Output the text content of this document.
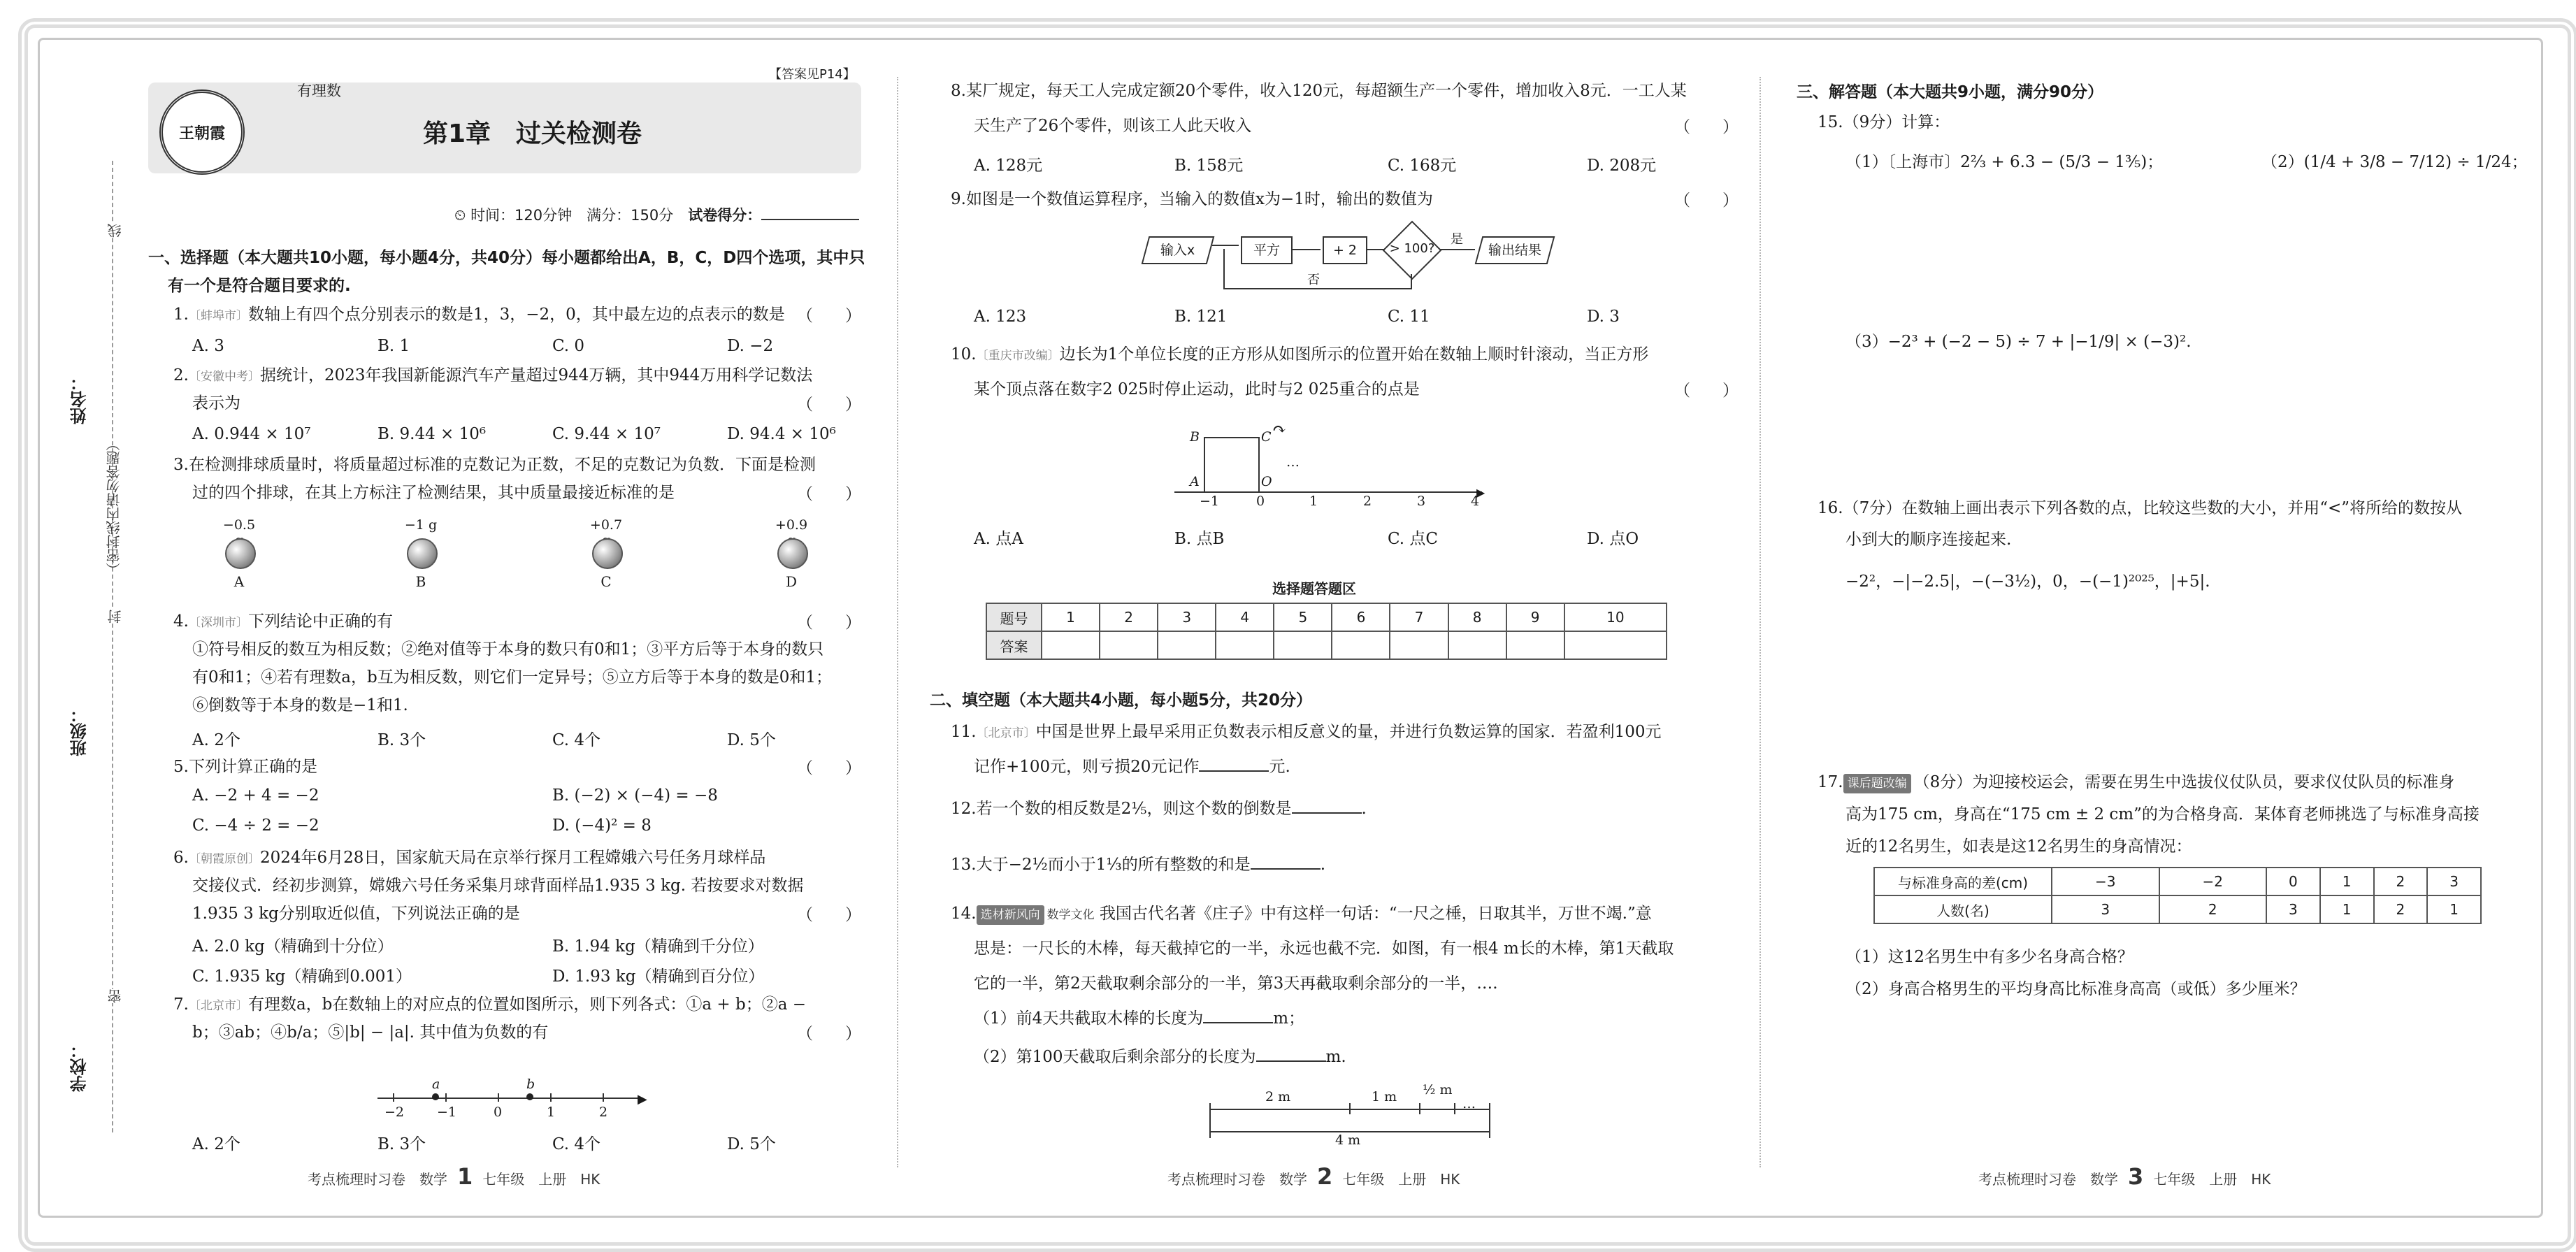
姓名：
班级：
学校：
（密封线内请勿答题）
线
封
密
【答案见P14】
王朝霞
有理数
第1章　过关检测卷
⏲ 时间：120分钟　 满分：150分　 试卷得分：
一、选择题（本大题共10小题，每小题4分，共40分）每小题都给出A，B，C，D四个选项，其中只
有一个是符合题目要求的.
1.〔蚌埠市〕数轴上有四个点分别表示的数是1，3，−2，0，其中最左边的点表示的数是 （　　）
A. 3	B. 1	C. 0	D. −2
2.〔安徽中考〕据统计，2023年我国新能源汽车产量超过944万辆，其中944万用科学记数法
表示为	（　　）
A. 0.944 × 10⁷	B. 9.44 × 10⁶	C. 9.44 × 10⁷	D. 94.4 × 10⁶
3.在检测排球质量时，将质量超过标准的克数记为正数，不足的克数记为负数．下面是检测
过的四个排球，在其上方标注了检测结果，其中质量最接近标准的是	（　　）
−0.5
A
−1 g
B
+0.7
C
+0.9
D
4.〔深圳市〕下列结论中正确的有
①符号相反的数互为相反数；②绝对值等于本身的数只有0和1；③平方后等于本身的数只
有0和1；④若有理数a，b互为相反数，则它们一定异号；⑤立方后等于本身的数是0和1；
⑥倒数等于本身的数是−1和1.
（　　）
A. 2个	B. 3个	C. 4个	D. 5个
5.下列计算正确的是	（　　）
A. −2 + 4 = −2	B. (−2) × (−4) = −8
C. −4 ÷ 2 = −2	D. (−4)² = 8
6.〔朝霞原创〕2024年6月28日，国家航天局在京举行探月工程嫦娥六号任务月球样品
交接仪式．经初步测算，嫦娥六号任务采集月球背面样品1.935 3 kg. 若按要求对数据
1.935 3 kg分别取近似值，下列说法正确的是	（　　）
A. 2.0 kg（精确到十分位）	B. 1.94 kg（精确到千分位）
C. 1.935 kg（精确到0.001）	D. 1.93 kg（精确到百分位）
7.〔北京市〕有理数a，b在数轴上的对应点的位置如图所示，则下列各式：①a + b；②a −
b；③ab；④b/a；⑤|b| − |a|. 其中值为负数的有	（　　）
▶
−2 −1	0	1	2
a	b
A. 2个	B. 3个	C. 4个	D. 5个
8.某厂规定，每天工人完成定额20个零件，收入120元，每超额生产一个零件，增加收入8元．一工人某
天生产了26个零件，则该工人此天收入	（　　）
A. 128元	B. 158元	C. 168元	D. 208元
9.如图是一个数值运算程序，当输入的数值x为−1时，输出的数值为	（　　）
输入x	平方	+ 2	> 100?
是
输出结果
否
A. 123	B. 121	C. 11	D. 3
10.〔重庆市改编〕边长为1个单位长度的正方形从如图所示的位置开始在数轴上顺时针滚动，当正方形
某个顶点落在数字2 025时停止运动，此时与2 025重合的点是	（　　）
B	C
A	O
↷
…
▶
−1	0	1	2	3	4
A. 点A	B. 点B	C. 点C	D. 点O
选择题答题区
题号	1	2	3	4	5	6	7	8	9	10
答案										
二、填空题（本大题共4小题，每小题5分，共20分）
11.〔北京市〕中国是世界上最早采用正负数表示相反意义的量，并进行负数运算的国家．若盈利100元
记作+100元，则亏损20元记作	元.
12.若一个数的相反数是2⅕，则这个数的倒数是	.
13.大于−2½而小于1⅓的所有整数的和是	.
14. 选材新风向 数学文化 我国古代名著《庄子》中有这样一句话：“一尺之棰，日取其半，万世不竭.”意
思是：一尺长的木棒，每天截掉它的一半，永远也截不完．如图，有一根4 m长的木棒，第1天截取
它的一半，第2天截取剩余部分的一半，第3天再截取剩余部分的一半，….
（1）前4天共截取木棒的长度为	m；
（2）第100天截取后剩余部分的长度为	m.
2 m	1 m ½ m
…
4 m
三、解答题（本大题共9小题，满分90分）
15.（9分）计算：
（1）〔上海市〕2⅔ + 6.3 − (5/3 − 1⅗)；	（2）(1/4 + 3/8 − 7/12) ÷ 1/24；
（3）−2³ + (−2 − 5) ÷ 7 + |−1/9| × (−3)².
16.（7分）在数轴上画出表示下列各数的点，比较这些数的大小，并用“<”将所给的数按从
小到大的顺序连接起来.
−2²，−|−2.5|，−(−3½)，0，−(−1)²⁰²⁵，|+5|.
17. 课后题改编 （8分）为迎接校运会，需要在男生中选拔仪仗队员，要求仪仗队员的标准身
高为175 cm，身高在“175 cm ± 2 cm”的为合格身高．某体育老师挑选了与标准身高接
近的12名男生，如表是这12名男生的身高情况：
与标准身高的差(cm)	−3	−2	0	1	2	3
人数(名)	3	2	3	1	2	1
（1）这12名男生中有多少名身高合格？
（2）身高合格男生的平均身高比标准身高高（或低）多少厘米？
考点梳理时习卷　数学 1 七年级　上册　HK	考点梳理时习卷　数学 2 七年级　上册　HK	考点梳理时习卷　数学 3 七年级　上册　HK
